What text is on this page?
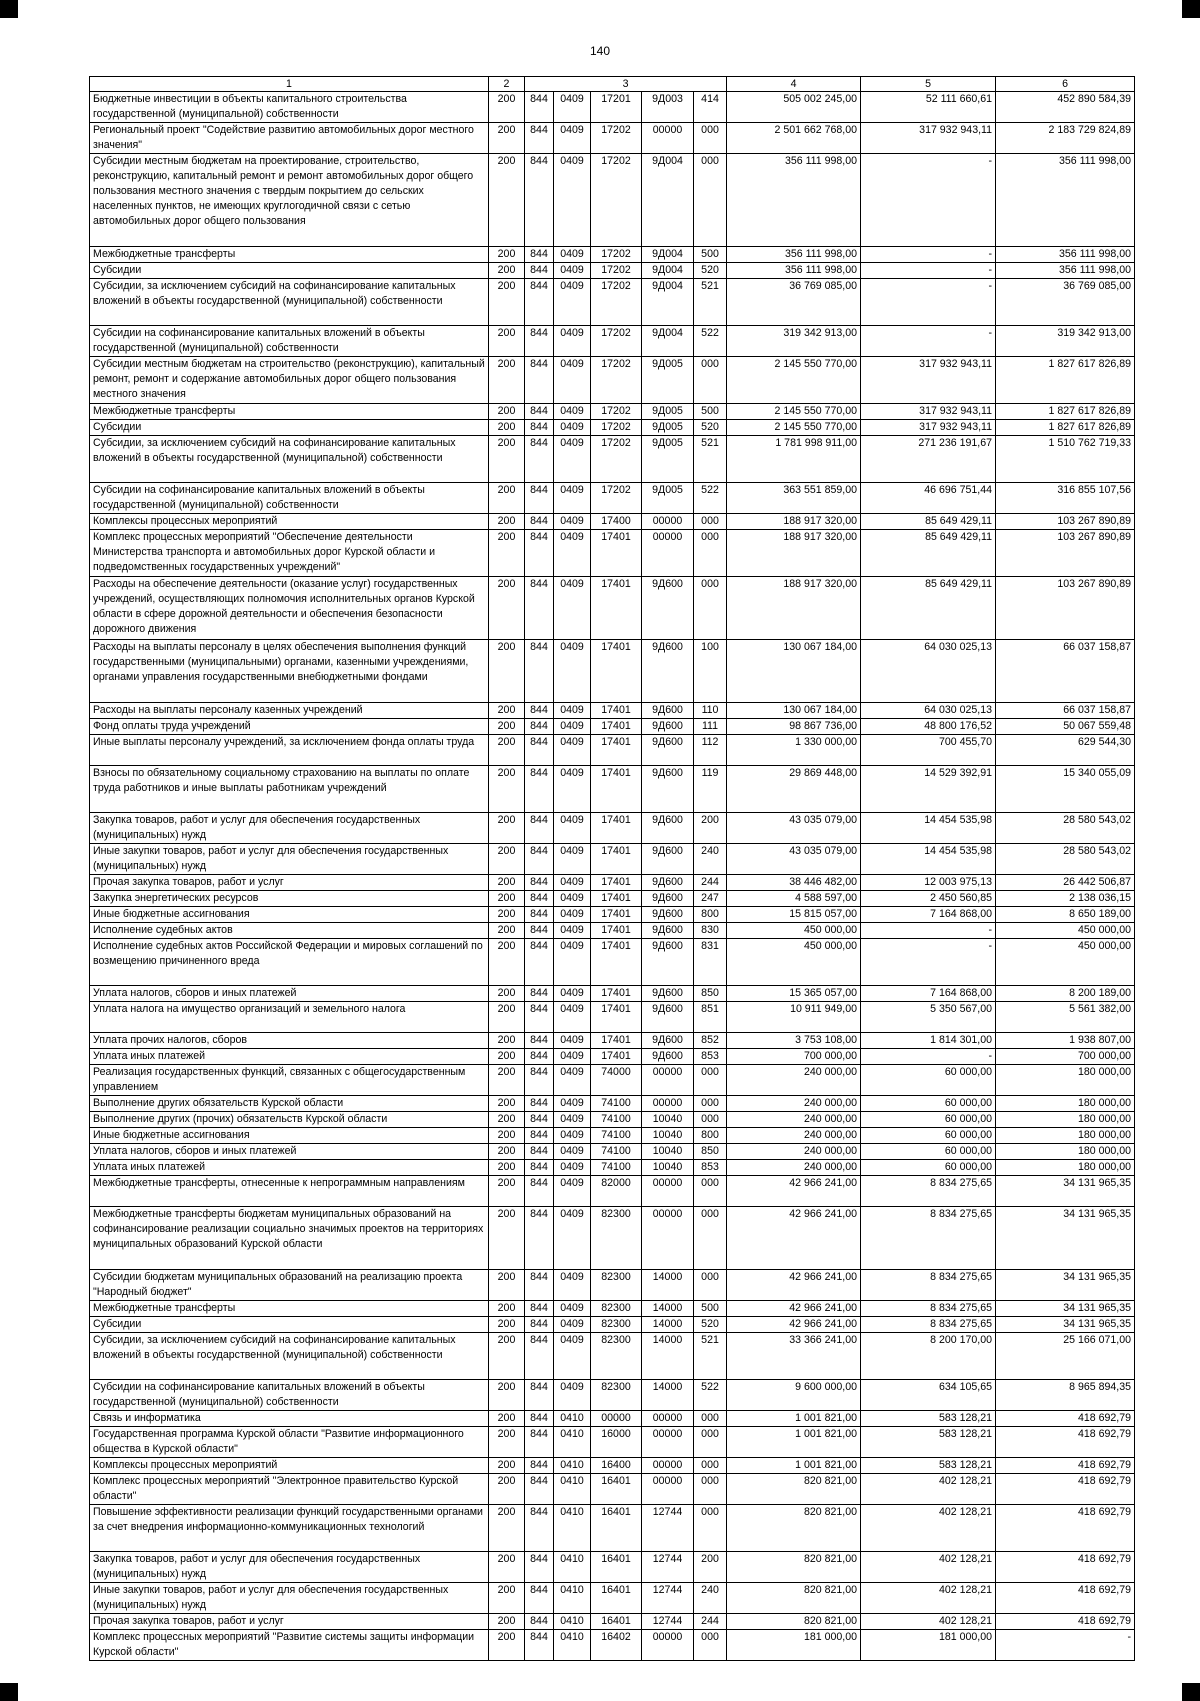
140
1	2	3					4	5	6
Бюджетные инвестиции в объекты капитального строительства государственной (муниципальной) собственности	200	844	0409	17201	9Д003	414	505 002 245,00	52 111 660,61	452 890 584,39
Региональный проект "Содействие развитию автомобильных дорог местного значения"	200	844	0409	17202	00000	000	2 501 662 768,00	317 932 943,11	2 183 729 824,89
Субсидии местным бюджетам на проектирование, строительство, реконструкцию, капитальный ремонт и ремонт автомобильных дорог общего пользования местного значения с твердым покрытием до сельских населенных пунктов, не имеющих круглогодичной связи с сетью автомобильных дорог общего пользования	200	844	0409	17202	9Д004	000	356 111 998,00	-	356 111 998,00
Межбюджетные трансферты	200	844	0409	17202	9Д004	500	356 111 998,00	-	356 111 998,00
Субсидии	200	844	0409	17202	9Д004	520	356 111 998,00	-	356 111 998,00
Субсидии, за исключением субсидий на софинансирование капитальных вложений в объекты государственной (муниципальной) собственности	200	844	0409	17202	9Д004	521	36 769 085,00	-	36 769 085,00
Субсидии на софинансирование капитальных вложений в объекты государственной (муниципальной) собственности	200	844	0409	17202	9Д004	522	319 342 913,00	-	319 342 913,00
Субсидии местным бюджетам на строительство (реконструкцию), капитальный ремонт, ремонт и содержание автомобильных дорог общего пользования местного значения	200	844	0409	17202	9Д005	000	2 145 550 770,00	317 932 943,11	1 827 617 826,89
Межбюджетные трансферты	200	844	0409	17202	9Д005	500	2 145 550 770,00	317 932 943,11	1 827 617 826,89
Субсидии	200	844	0409	17202	9Д005	520	2 145 550 770,00	317 932 943,11	1 827 617 826,89
Субсидии, за исключением субсидий на софинансирование капитальных вложений в объекты государственной (муниципальной) собственности	200	844	0409	17202	9Д005	521	1 781 998 911,00	271 236 191,67	1 510 762 719,33
Субсидии на софинансирование капитальных вложений в объекты государственной (муниципальной) собственности	200	844	0409	17202	9Д005	522	363 551 859,00	46 696 751,44	316 855 107,56
Комплексы процессных мероприятий	200	844	0409	17400	00000	000	188 917 320,00	85 649 429,11	103 267 890,89
Комплекс процессных мероприятий "Обеспечение деятельности Министерства транспорта и автомобильных дорог Курской области и подведомственных государственных учреждений"	200	844	0409	17401	00000	000	188 917 320,00	85 649 429,11	103 267 890,89
Расходы на обеспечение деятельности (оказание услуг) государственных учреждений, осуществляющих полномочия исполнительных органов Курской области в сфере дорожной деятельности и обеспечения безопасности дорожного движения	200	844	0409	17401	9Д600	000	188 917 320,00	85 649 429,11	103 267 890,89
Расходы на выплаты персоналу в целях обеспечения выполнения функций государственными (муниципальными) органами, казенными учреждениями, органами управления государственными внебюджетными фондами	200	844	0409	17401	9Д600	100	130 067 184,00	64 030 025,13	66 037 158,87
Расходы на выплаты персоналу казенных учреждений	200	844	0409	17401	9Д600	110	130 067 184,00	64 030 025,13	66 037 158,87
Фонд оплаты труда учреждений	200	844	0409	17401	9Д600	111	98 867 736,00	48 800 176,52	50 067 559,48
Иные выплаты персоналу учреждений, за исключением фонда оплаты труда	200	844	0409	17401	9Д600	112	1 330 000,00	700 455,70	629 544,30
Взносы по обязательному социальному страхованию на выплаты по оплате труда работников и иные выплаты работникам учреждений	200	844	0409	17401	9Д600	119	29 869 448,00	14 529 392,91	15 340 055,09
Закупка товаров, работ и услуг для обеспечения государственных (муниципальных) нужд	200	844	0409	17401	9Д600	200	43 035 079,00	14 454 535,98	28 580 543,02
Иные закупки товаров, работ и услуг для обеспечения государственных (муниципальных) нужд	200	844	0409	17401	9Д600	240	43 035 079,00	14 454 535,98	28 580 543,02
Прочая закупка товаров, работ и услуг	200	844	0409	17401	9Д600	244	38 446 482,00	12 003 975,13	26 442 506,87
Закупка энергетических ресурсов	200	844	0409	17401	9Д600	247	4 588 597,00	2 450 560,85	2 138 036,15
Иные бюджетные ассигнования	200	844	0409	17401	9Д600	800	15 815 057,00	7 164 868,00	8 650 189,00
Исполнение судебных актов	200	844	0409	17401	9Д600	830	450 000,00	-	450 000,00
Исполнение судебных актов Российской Федерации и мировых соглашений по возмещению причиненного вреда	200	844	0409	17401	9Д600	831	450 000,00	-	450 000,00
Уплата налогов, сборов и иных платежей	200	844	0409	17401	9Д600	850	15 365 057,00	7 164 868,00	8 200 189,00
Уплата налога на имущество организаций и земельного налога	200	844	0409	17401	9Д600	851	10 911 949,00	5 350 567,00	5 561 382,00
Уплата прочих налогов, сборов	200	844	0409	17401	9Д600	852	3 753 108,00	1 814 301,00	1 938 807,00
Уплата иных платежей	200	844	0409	17401	9Д600	853	700 000,00	-	700 000,00
Реализация государственных функций, связанных с общегосударственным управлением	200	844	0409	74000	00000	000	240 000,00	60 000,00	180 000,00
Выполнение других обязательств Курской области	200	844	0409	74100	00000	000	240 000,00	60 000,00	180 000,00
Выполнение других (прочих) обязательств Курской области	200	844	0409	74100	10040	000	240 000,00	60 000,00	180 000,00
Иные бюджетные ассигнования	200	844	0409	74100	10040	800	240 000,00	60 000,00	180 000,00
Уплата налогов, сборов и иных платежей	200	844	0409	74100	10040	850	240 000,00	60 000,00	180 000,00
Уплата иных платежей	200	844	0409	74100	10040	853	240 000,00	60 000,00	180 000,00
Межбюджетные трансферты, отнесенные к непрограммным направлениям	200	844	0409	82000	00000	000	42 966 241,00	8 834 275,65	34 131 965,35
Межбюджетные трансферты бюджетам муниципальных образований на софинансирование реализации социально значимых проектов на территориях муниципальных образований Курской области	200	844	0409	82300	00000	000	42 966 241,00	8 834 275,65	34 131 965,35
Субсидии бюджетам муниципальных образований на реализацию проекта "Народный бюджет"	200	844	0409	82300	14000	000	42 966 241,00	8 834 275,65	34 131 965,35
Межбюджетные трансферты	200	844	0409	82300	14000	500	42 966 241,00	8 834 275,65	34 131 965,35
Субсидии	200	844	0409	82300	14000	520	42 966 241,00	8 834 275,65	34 131 965,35
Субсидии, за исключением субсидий на софинансирование капитальных вложений в объекты государственной (муниципальной) собственности	200	844	0409	82300	14000	521	33 366 241,00	8 200 170,00	25 166 071,00
Субсидии на софинансирование капитальных вложений в объекты государственной (муниципальной) собственности	200	844	0409	82300	14000	522	9 600 000,00	634 105,65	8 965 894,35
Связь и информатика	200	844	0410	00000	00000	000	1 001 821,00	583 128,21	418 692,79
Государственная программа Курской области "Развитие информационного общества в Курской области"	200	844	0410	16000	00000	000	1 001 821,00	583 128,21	418 692,79
Комплексы процессных мероприятий	200	844	0410	16400	00000	000	1 001 821,00	583 128,21	418 692,79
Комплекс процессных мероприятий "Электронное правительство Курской области"	200	844	0410	16401	00000	000	820 821,00	402 128,21	418 692,79
Повышение эффективности реализации функций государственными органами за счет внедрения информационно-коммуникационных технологий	200	844	0410	16401	12744	000	820 821,00	402 128,21	418 692,79
Закупка товаров, работ и услуг для обеспечения государственных (муниципальных) нужд	200	844	0410	16401	12744	200	820 821,00	402 128,21	418 692,79
Иные закупки товаров, работ и услуг для обеспечения государственных (муниципальных) нужд	200	844	0410	16401	12744	240	820 821,00	402 128,21	418 692,79
Прочая закупка товаров, работ и услуг	200	844	0410	16401	12744	244	820 821,00	402 128,21	418 692,79
Комплекс процессных мероприятий "Развитие системы защиты информации Курской области"	200	844	0410	16402	00000	000	181 000,00	181 000,00	-
